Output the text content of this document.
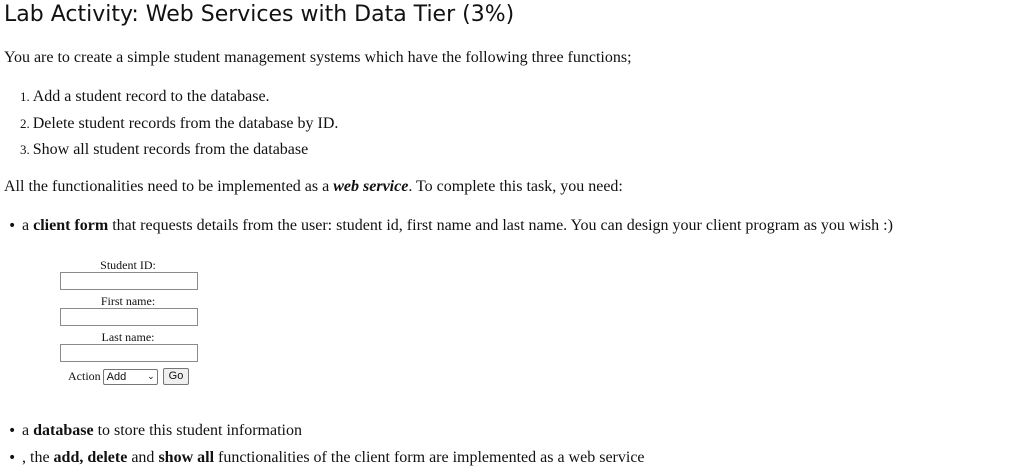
Lab Activity: Web Services with Data Tier (3%)

You are to create a simple student management systems which have the following three functions;

1. Add a student record to the database.
2. Delete student records from the database by ID.
3. Show all student records from the database

All the functionalities need to be implemented as a web service. To complete this task, you need:

• a client form that requests details from the user: student id, first name and last name. You can design your client program as you wish :)

Student ID:
First name:
Last name:
Action Add ⌄	Go

• a database to store this student information

• , the add, delete and show all functionalities of the client form are implemented as a web service
